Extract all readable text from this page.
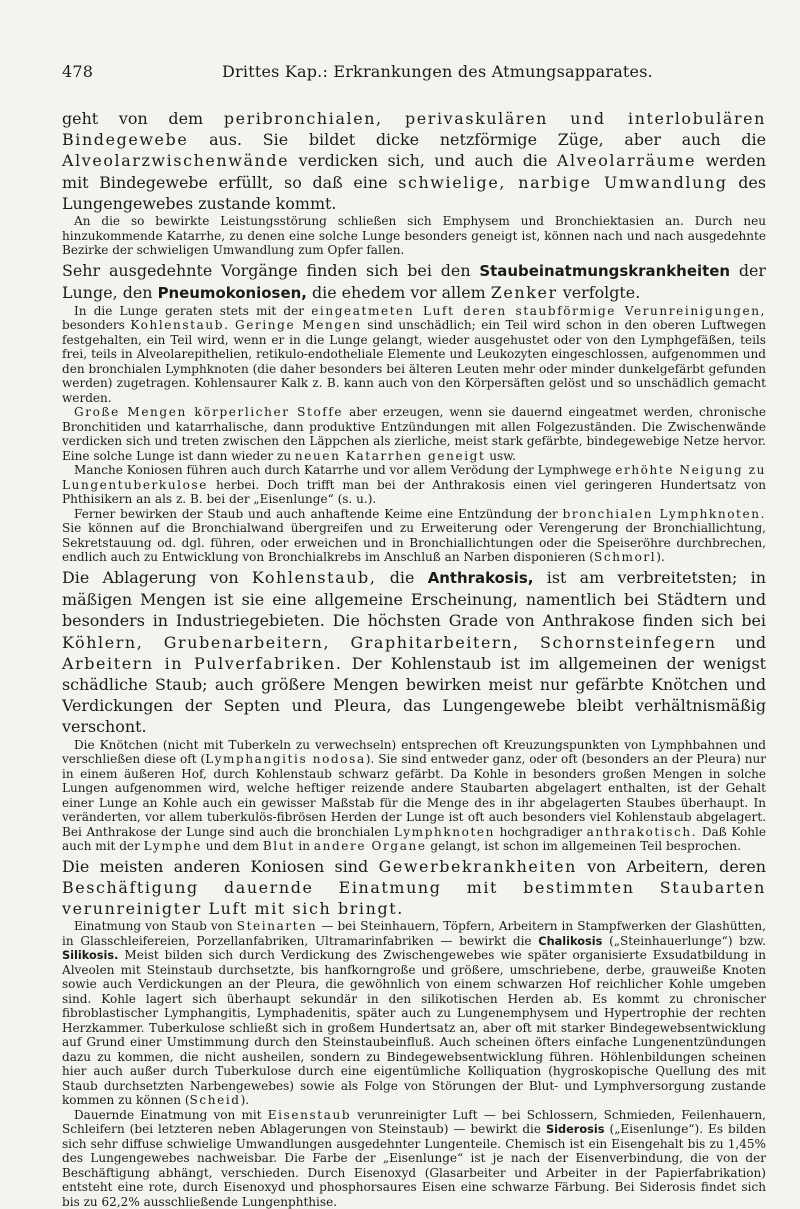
478	Drittes Kap.: Erkrankungen des Atmungsapparates.

geht von dem peribronchialen, perivaskulären und interlobulären Bindegewebe aus. Sie bildet dicke netzförmige Züge, aber auch die Alveolarzwischenwände verdicken sich, und auch die Alveolarräume werden mit Bindegewebe erfüllt, so daß eine schwielige, narbige Umwandlung des Lungengewebes zustande kommt.

An die so bewirkte Leistungsstörung schließen sich Emphysem und Bronchiektasien an. Durch neu hinzukommende Katarrhe, zu denen eine solche Lunge besonders geneigt ist, können nach und nach ausgedehnte Bezirke der schwieligen Umwandlung zum Opfer fallen.

Sehr ausgedehnte Vorgänge finden sich bei den Staubeinatmungskrankheiten der Lunge, den Pneumokoniosen, die ehedem vor allem Zenker verfolgte.

In die Lunge geraten stets mit der eingeatmeten Luft deren staubförmige Verunreinigungen, besonders Kohlenstaub. Geringe Mengen sind unschädlich; ein Teil wird schon in den oberen Luftwegen festgehalten, ein Teil wird, wenn er in die Lunge gelangt, wieder ausgehustet oder von den Lymphgefäßen, teils frei, teils in Alveolarepithelien, retikulo-endotheliale Elemente und Leukozyten eingeschlossen, aufgenommen und den bronchialen Lymphknoten (die daher besonders bei älteren Leuten mehr oder minder dunkelgefärbt gefunden werden) zugetragen. Kohlensaurer Kalk z. B. kann auch von den Körpersäften gelöst und so unschädlich gemacht werden.

Große Mengen körperlicher Stoffe aber erzeugen, wenn sie dauernd eingeatmet werden, chronische Bronchitiden und katarrhalische, dann produktive Entzündungen mit allen Folgezuständen. Die Zwischenwände verdicken sich und treten zwischen den Läppchen als zierliche, meist stark gefärbte, bindegewebige Netze hervor. Eine solche Lunge ist dann wieder zu neuen Katarrhen geneigt usw.

Manche Koniosen führen auch durch Katarrhe und vor allem Verödung der Lymphwege erhöhte Neigung zu Lungentuberkulose herbei. Doch trifft man bei der Anthrakosis einen viel geringeren Hundertsatz von Phthisikern an als z. B. bei der „Eisenlunge“ (s. u.).

Ferner bewirken der Staub und auch anhaftende Keime eine Entzündung der bronchialen Lymphknoten. Sie können auf die Bronchialwand übergreifen und zu Erweiterung oder Verengerung der Bronchiallichtung, Sekretstauung od. dgl. führen, oder erweichen und in Bronchiallichtungen oder die Speiseröhre durchbrechen, endlich auch zu Entwicklung von Bronchialkrebs im Anschluß an Narben disponieren (Schmorl).

Die Ablagerung von Kohlenstaub, die Anthrakosis, ist am verbreitetsten; in mäßigen Mengen ist sie eine allgemeine Erscheinung, namentlich bei Städtern und besonders in Industriegebieten. Die höchsten Grade von Anthrakose finden sich bei Köhlern, Grubenarbeitern, Graphitarbeitern, Schornsteinfegern und Arbeitern in Pulverfabriken. Der Kohlenstaub ist im allgemeinen der wenigst schädliche Staub; auch größere Mengen bewirken meist nur gefärbte Knötchen und Verdickungen der Septen und Pleura, das Lungengewebe bleibt verhältnismäßig verschont.

Die Knötchen (nicht mit Tuberkeln zu verwechseln) entsprechen oft Kreuzungspunkten von Lymphbahnen und verschließen diese oft (Lymphangitis nodosa). Sie sind entweder ganz, oder oft (besonders an der Pleura) nur in einem äußeren Hof, durch Kohlenstaub schwarz gefärbt. Da Kohle in besonders großen Mengen in solche Lungen aufgenommen wird, welche heftiger reizende andere Staubarten abgelagert enthalten, ist der Gehalt einer Lunge an Kohle auch ein gewisser Maßstab für die Menge des in ihr abgelagerten Staubes überhaupt. In veränderten, vor allem tuberkulös-fibrösen Herden der Lunge ist oft auch besonders viel Kohlenstaub abgelagert. Bei Anthrakose der Lunge sind auch die bronchialen Lymphknoten hochgradiger anthrakotisch. Daß Kohle auch mit der Lymphe und dem Blut in andere Organe gelangt, ist schon im allgemeinen Teil besprochen.

Die meisten anderen Koniosen sind Gewerbekrankheiten von Arbeitern, deren Beschäftigung dauernde Einatmung mit bestimmten Staubarten verunreinigter Luft mit sich bringt.

Einatmung von Staub von Steinarten — bei Steinhauern, Töpfern, Arbeitern in Stampfwerken der Glashütten, in Glasschleifereien, Porzellanfabriken, Ultramarinfabriken — bewirkt die Chalikosis („Steinhauerlunge“) bzw. Silikosis. Meist bilden sich durch Verdickung des Zwischengewebes wie später organisierte Exsudatbildung in Alveolen mit Steinstaub durchsetzte, bis hanfkorngroße und größere, umschriebene, derbe, grauweiße Knoten sowie auch Verdickungen an der Pleura, die gewöhnlich von einem schwarzen Hof reichlicher Kohle umgeben sind. Kohle lagert sich überhaupt sekundär in den silikotischen Herden ab. Es kommt zu chronischer fibroblastischer Lymphangitis, Lymphadenitis, später auch zu Lungenemphysem und Hypertrophie der rechten Herzkammer. Tuberkulose schließt sich in großem Hundertsatz an, aber oft mit starker Bindegewebsentwicklung auf Grund einer Umstimmung durch den Steinstaubeinfluß. Auch scheinen öfters einfache Lungenentzündungen dazu zu kommen, die nicht ausheilen, sondern zu Bindegewebsentwicklung führen. Höhlenbildungen scheinen hier auch außer durch Tuberkulose durch eine eigentümliche Kolliquation (hygroskopische Quellung des mit Staub durchsetzten Narbengewebes) sowie als Folge von Störungen der Blut- und Lymphversorgung zustande kommen zu können (Scheid).

Dauernde Einatmung von mit Eisenstaub verunreinigter Luft — bei Schlossern, Schmieden, Feilenhauern, Schleifern (bei letzteren neben Ablagerungen von Steinstaub) — bewirkt die Siderosis („Eisenlunge“). Es bilden sich sehr diffuse schwielige Umwandlungen ausgedehnter Lungenteile. Chemisch ist ein Eisengehalt bis zu 1,45% des Lungengewebes nachweisbar. Die Farbe der „Eisenlunge“ ist je nach der Eisenverbindung, die von der Beschäftigung abhängt, verschieden. Durch Eisenoxyd (Glasarbeiter und Arbeiter in der Papierfabrikation) entsteht eine rote, durch Eisenoxyd und phosphorsaures Eisen eine schwarze Färbung. Bei Siderosis findet sich bis zu 62,2% ausschließende Lungenphthise.
